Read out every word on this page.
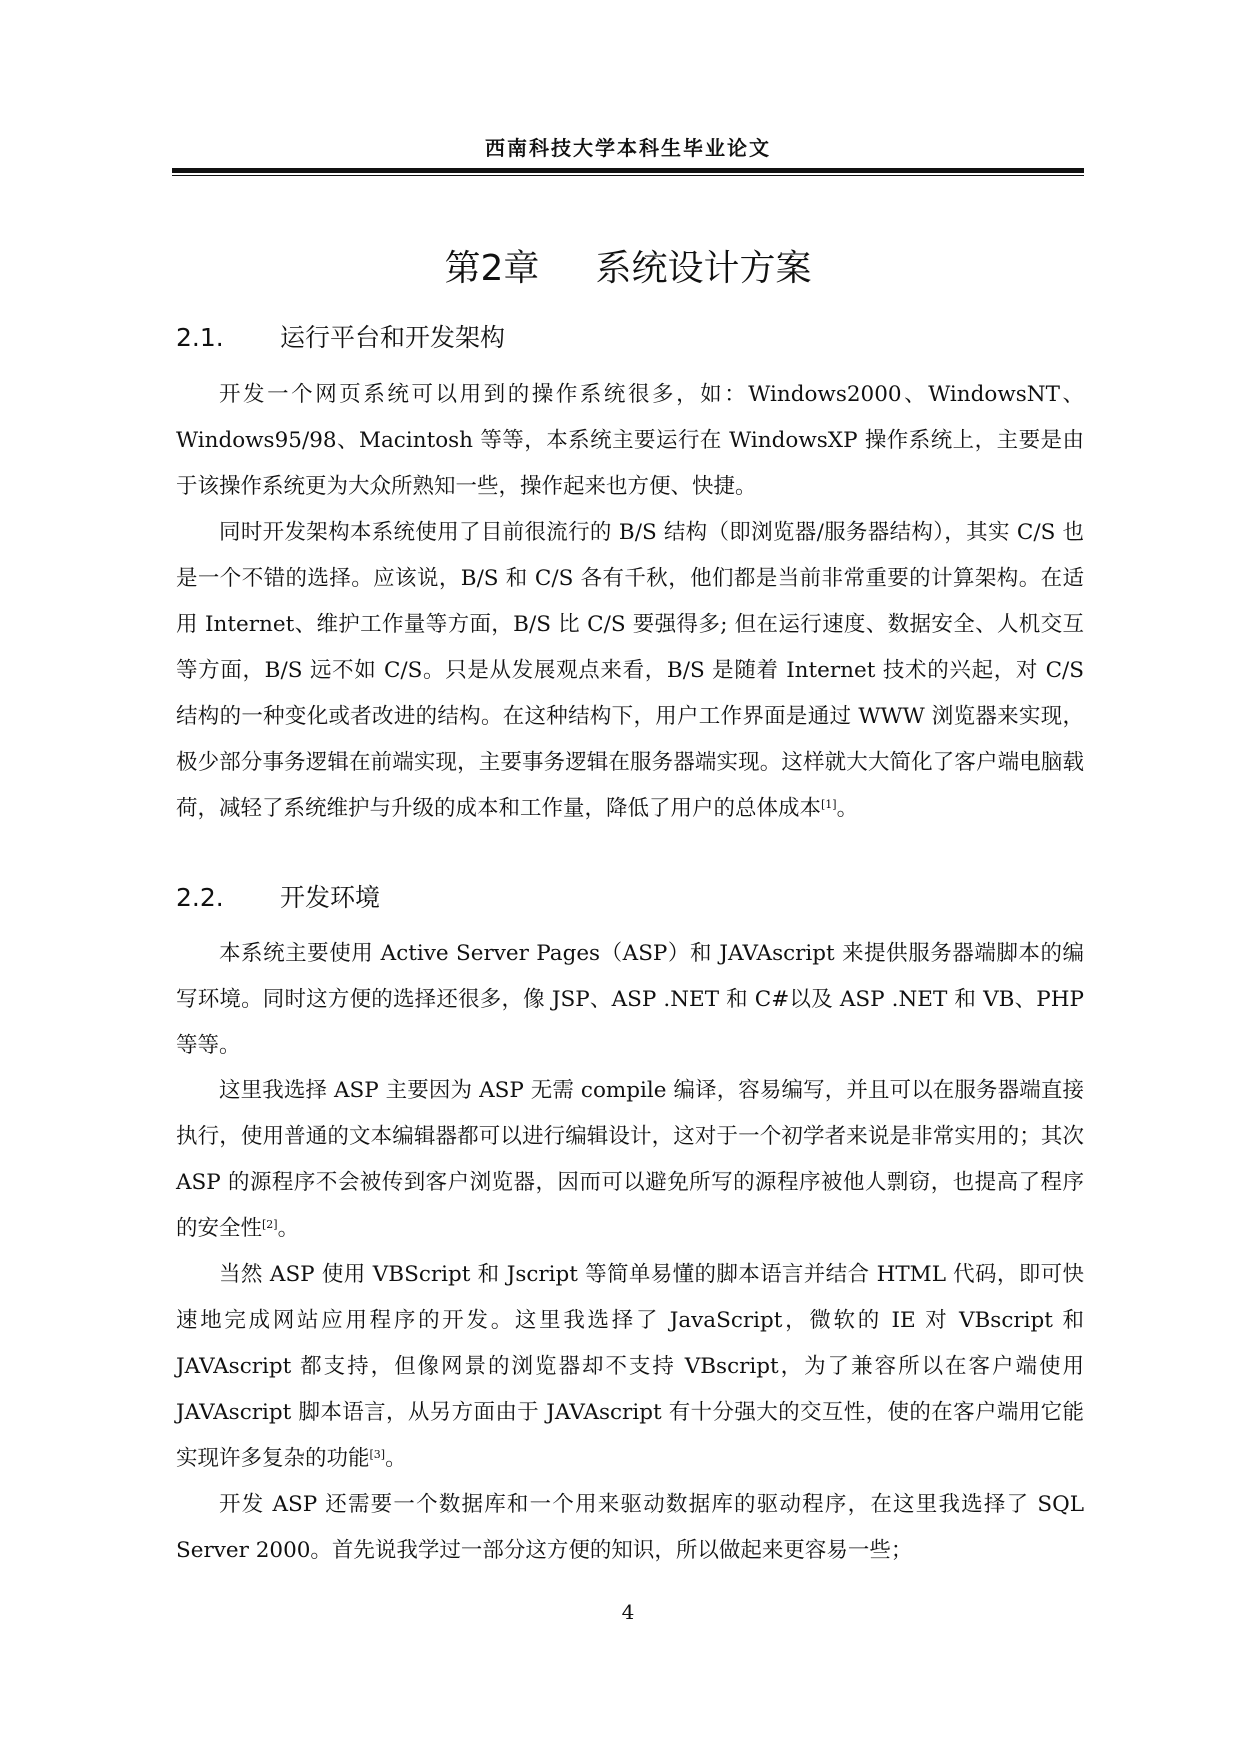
西南科技大学本科生毕业论文
第2章 系统设计方案
2.1. 运行平台和开发架构
开发一个网页系统可以用到的操作系统很多，如：Windows2000、WindowsNT、Windows95/98、Macintosh 等等，本系统主要运行在 WindowsXP 操作系统上，主要是由于该操作系统更为大众所熟知一些，操作起来也方便、快捷。
同时开发架构本系统使用了目前很流行的 B/S 结构（即浏览器/服务器结构），其实 C/S 也是一个不错的选择。应该说，B/S 和 C/S 各有千秋，他们都是当前非常重要的计算架构。在适用 Internet、维护工作量等方面，B/S 比 C/S 要强得多; 但在运行速度、数据安全、人机交互等方面，B/S 远不如 C/S。只是从发展观点来看，B/S 是随着 Internet 技术的兴起，对 C/S 结构的一种变化或者改进的结构。在这种结构下，用户工作界面是通过 WWW 浏览器来实现，极少部分事务逻辑在前端实现，主要事务逻辑在服务器端实现。这样就大大简化了客户端电脑载荷，减轻了系统维护与升级的成本和工作量，降低了用户的总体成本[1]。
2.2. 开发环境
本系统主要使用 Active Server Pages（ASP）和 JAVAscript 来提供服务器端脚本的编写环境。同时这方便的选择还很多，像 JSP、ASP .NET 和 C#以及 ASP .NET 和 VB、PHP 等等。
这里我选择 ASP 主要因为 ASP 无需 compile 编译，容易编写，并且可以在服务器端直接执行，使用普通的文本编辑器都可以进行编辑设计，这对于一个初学者来说是非常实用的；其次 ASP 的源程序不会被传到客户浏览器，因而可以避免所写的源程序被他人剽窃，也提高了程序的安全性[2]。
当然 ASP 使用 VBScript 和 Jscript 等简单易懂的脚本语言并结合 HTML 代码，即可快速地完成网站应用程序的开发。这里我选择了 JavaScript，微软的 IE 对 VBscript 和 JAVAscript 都支持，但像网景的浏览器却不支持 VBscript，为了兼容所以在客户端使用 JAVAscript 脚本语言，从另方面由于 JAVAscript 有十分强大的交互性，使的在客户端用它能实现许多复杂的功能[3]。
开发 ASP 还需要一个数据库和一个用来驱动数据库的驱动程序，在这里我选择了 SQL Server 2000。首先说我学过一部分这方便的知识，所以做起来更容易一些；
4
